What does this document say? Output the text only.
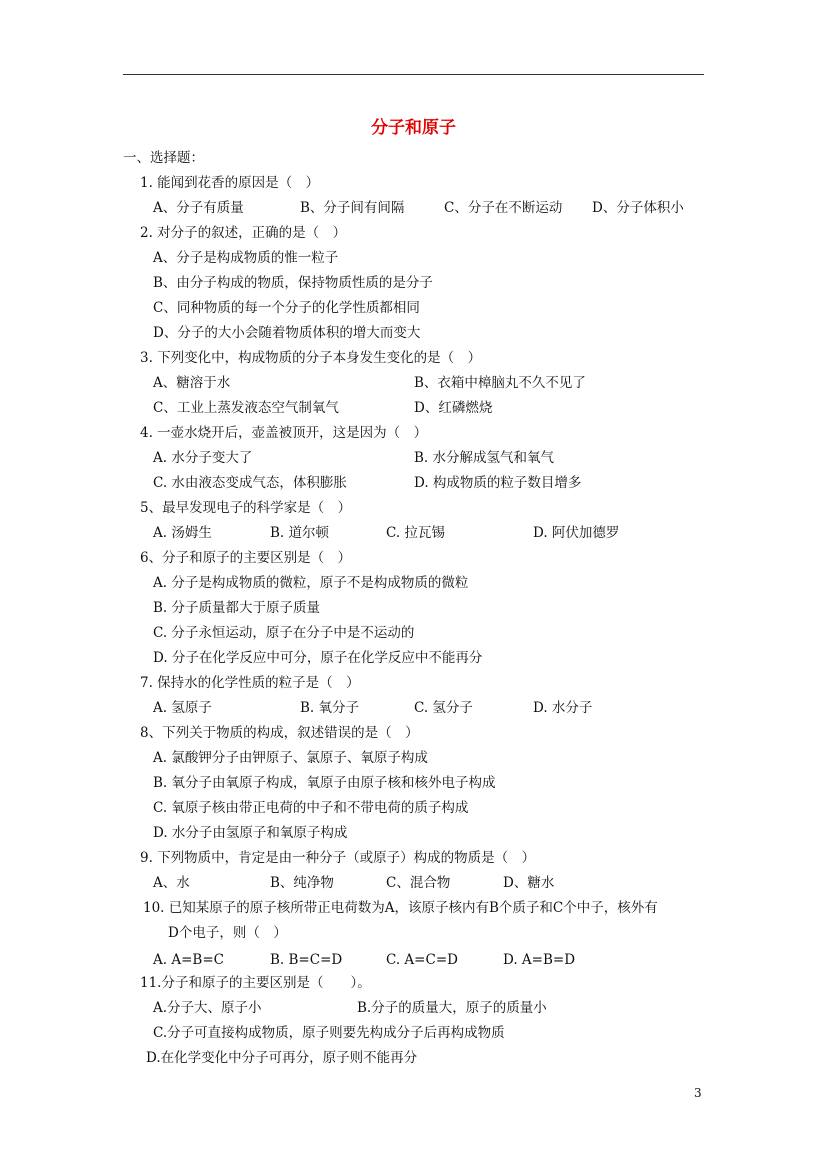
分子和原子
一、选择题：
1. 能闻到花香的原因是（　）
A、分子有质量	B、分子间有间隔	C、分子在不断运动 D、分子体积小
2. 对分子的叙述，正确的是（　）
A、分子是构成物质的惟一粒子
B、由分子构成的物质，保持物质性质的是分子
C、同种物质的每一个分子的化学性质都相同
D、分子的大小会随着物质体积的增大而变大
3. 下列变化中，构成物质的分子本身发生变化的是（　）
A、糖溶于水	B、衣箱中樟脑丸不久不见了
C、工业上蒸发液态空气制氧气	D、红磷燃烧
4. 一壶水烧开后，壶盖被顶开，这是因为（　）
A. 水分子变大了	B. 水分解成氢气和氧气
C. 水由液态变成气态，体积膨胀	D. 构成物质的粒子数目增多
5、最早发现电子的科学家是（　）
A. 汤姆生	B. 道尔顿	C. 拉瓦锡	D. 阿伏加德罗
6、分子和原子的主要区别是（　）
A. 分子是构成物质的微粒，原子不是构成物质的微粒
B. 分子质量都大于原子质量
C. 分子永恒运动，原子在分子中是不运动的
D. 分子在化学反应中可分，原子在化学反应中不能再分
7. 保持水的化学性质的粒子是（　）
A. 氢原子	B. 氧分子	C. 氢分子	D. 水分子
8、下列关于物质的构成，叙述错误的是（　）
A. 氯酸钾分子由钾原子、氯原子、氧原子构成
B. 氧分子由氧原子构成，氧原子由原子核和核外电子构成
C. 氧原子核由带正电荷的中子和不带电荷的质子构成
D. 水分子由氢原子和氧原子构成
9. 下列物质中，肯定是由一种分子（或原子）构成的物质是（　）
A、水	B、纯净物	C、混合物	D、糖水
10. 已知某原子的原子核所带正电荷数为A，该原子核内有B个质子和C个中子，核外有
D个电子，则（　）
A. A=B=C	B. B=C=D	C. A=C=D	D. A=B=D
11.分子和原子的主要区别是（　　）。
A.分子大、原子小	B.分子的质量大，原子的质量小
C.分子可直接构成物质，原子则要先构成分子后再构成物质
D.在化学变化中分子可再分，原子则不能再分
3
